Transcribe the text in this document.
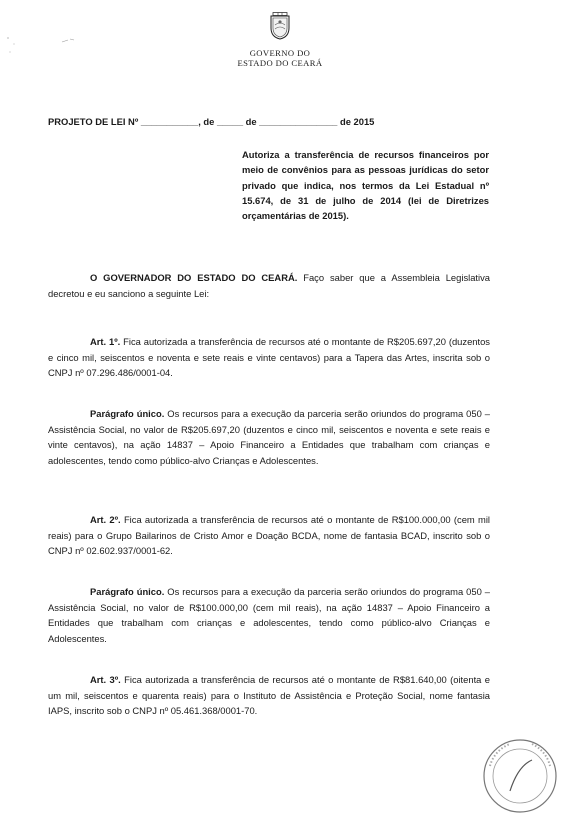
GOVERNO DO
ESTADO DO CEARÁ
PROJETO DE LEI Nº ___________, de _____ de _______________ de 2015
Autoriza a transferência de recursos financeiros por meio de convênios para as pessoas jurídicas do setor privado que indica, nos termos da Lei Estadual nº 15.674, de 31 de julho de 2014 (lei de Diretrizes orçamentárias de 2015).
O GOVERNADOR DO ESTADO DO CEARÁ. Faço saber que a Assembleia Legislativa decretou e eu sanciono a seguinte Lei:
Art. 1º. Fica autorizada a transferência de recursos até o montante de R$205.697,20 (duzentos e cinco mil, seiscentos e noventa e sete reais e vinte centavos) para a Tapera das Artes, inscrita sob o CNPJ nº 07.296.486/0001-04.
Parágrafo único. Os recursos para a execução da parceria serão oriundos do programa 050 – Assistência Social, no valor de R$205.697,20 (duzentos e cinco mil, seiscentos e noventa e sete reais e vinte centavos), na ação 14837 – Apoio Financeiro a Entidades que trabalham com crianças e adolescentes, tendo como público-alvo Crianças e Adolescentes.
Art. 2º. Fica autorizada a transferência de recursos até o montante de R$100.000,00 (cem mil reais) para o Grupo Bailarinos de Cristo Amor e Doação BCDA, nome de fantasia BCAD, inscrito sob o CNPJ nº 02.602.937/0001-62.
Parágrafo único. Os recursos para a execução da parceria serão oriundos do programa 050 – Assistência Social, no valor de R$100.000,00 (cem mil reais), na ação 14837 – Apoio Financeiro a Entidades que trabalham com crianças e adolescentes, tendo como público-alvo Crianças e Adolescentes.
Art. 3º. Fica autorizada a transferência de recursos até o montante de R$81.640,00 (oitenta e um mil, seiscentos e quarenta reais) para o Instituto de Assistência e Proteção Social, nome fantasia IAPS, inscrito sob o CNPJ nº 05.461.368/0001-70.
